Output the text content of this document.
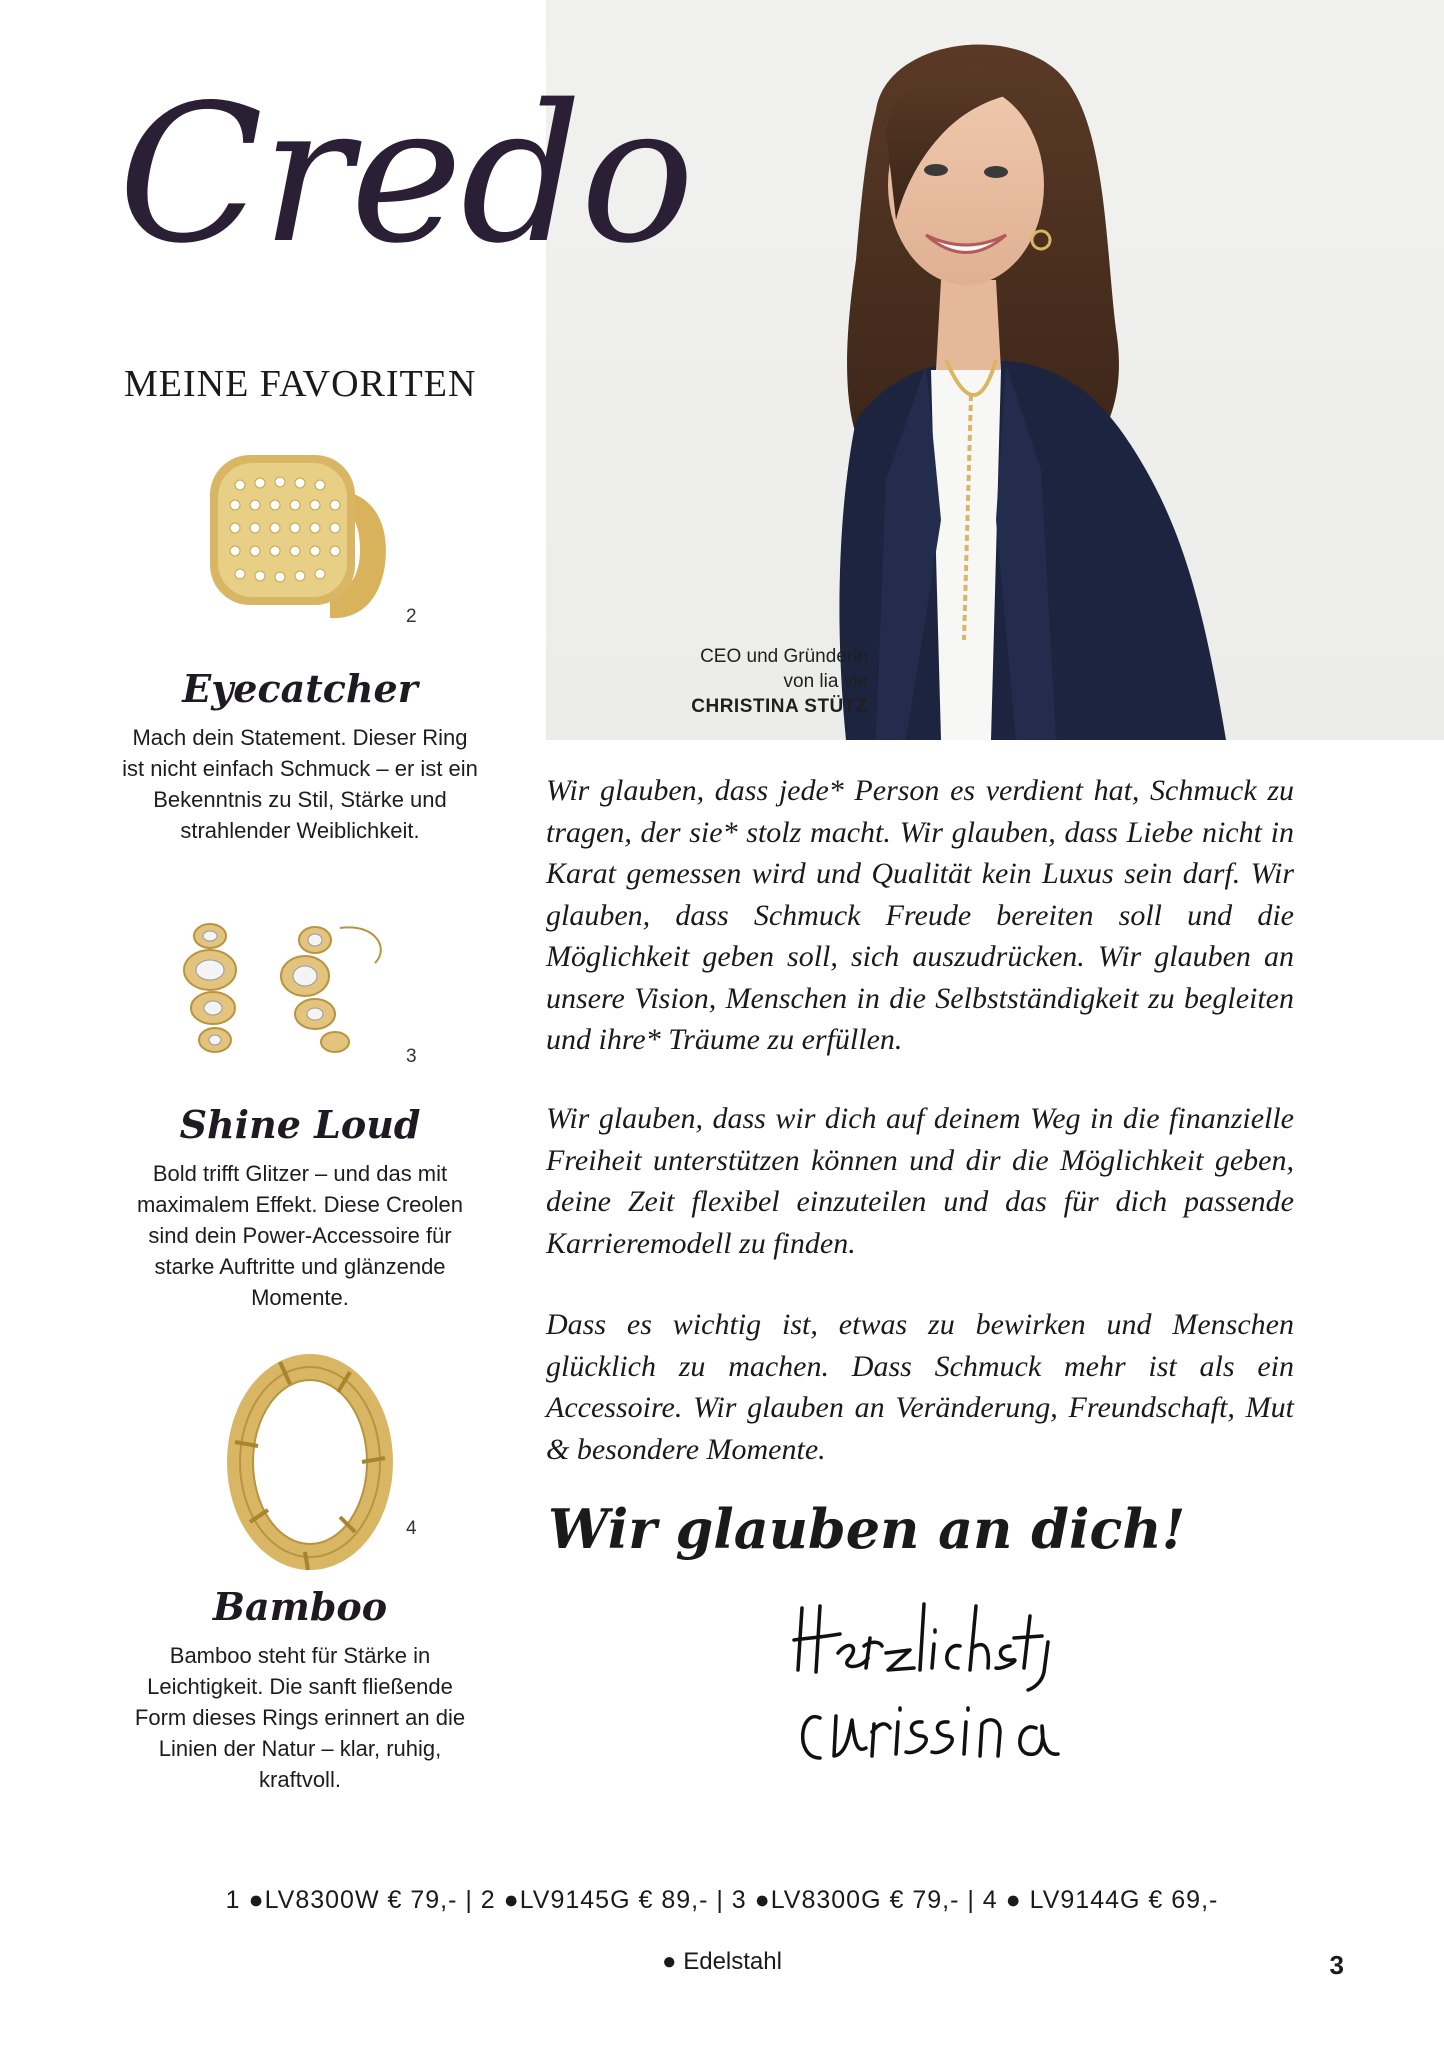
Credo
MEINE FAVORITEN
CEO und Gründerin
von lia vie
CHRISTINA STÜTZ
2
Eyecatcher
Mach dein Statement. Dieser Ring ist nicht einfach Schmuck – er ist ein Bekenntnis zu Stil, Stärke und strahlender Weiblichkeit.
3
Shine Loud
Bold trifft Glitzer – und das mit maximalem Effekt. Diese Creolen sind dein Power-Accessoire für starke Auftritte und glänzende Momente.
4
Bamboo
Bamboo steht für Stärke in Leichtigkeit. Die sanft fließende Form dieses Rings erinnert an die Linien der Natur – klar, ruhig, kraftvoll.
Wir glauben, dass jede* Person es verdient hat, Schmuck zu tragen, der sie* stolz macht. Wir glauben, dass Liebe nicht in Karat gemessen wird und Qualität kein Luxus sein darf. Wir glauben, dass Schmuck Freude bereiten soll und die Möglichkeit geben soll, sich auszudrücken. Wir glauben an unsere Vision, Menschen in die Selbstständigkeit zu begleiten und ihre* Träume zu erfüllen.
Wir glauben, dass wir dich auf deinem Weg in die finanzielle Freiheit unterstützen können und dir die Möglichkeit geben, deine Zeit flexibel einzuteilen und das für dich passende Karrieremodell zu finden.
Dass es wichtig ist, etwas zu bewirken und Menschen glücklich zu machen. Dass Schmuck mehr ist als ein Accessoire. Wir glauben an Veränderung, Freundschaft, Mut & besondere Momente.
Wir glauben an dich!
1 ●LV8300W € 79,- | 2 ●LV9145G € 89,- | 3 ●LV8300G € 79,- | 4 ● LV9144G € 69,-
● Edelstahl	3
